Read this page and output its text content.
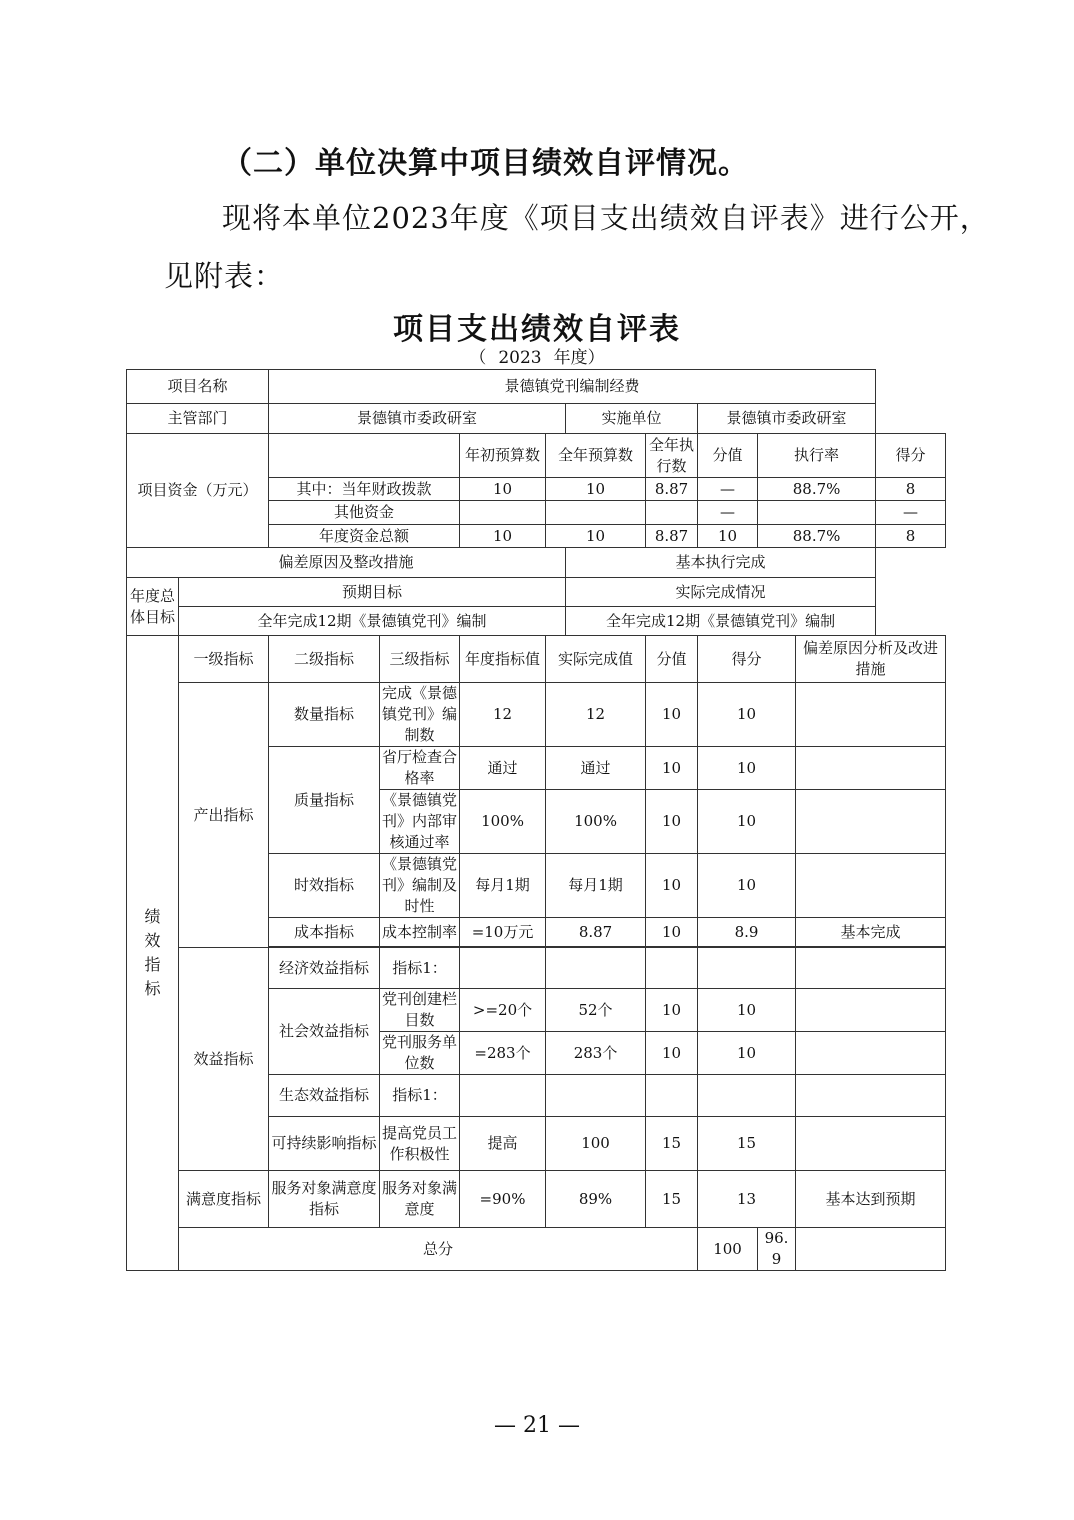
（二）单位决算中项目绩效自评情况。
现将本单位2023年度《项目支出绩效自评表》进行公开，
见附表：
项目支出绩效自评表
（ 2023 年度）
项目名称		景德镇党刊编制经费									
主管部门		景德镇市委政研室				实施单位		景德镇市委政研室			
项目资金（万元）				年初预算数	全年预算数		全年执行数	分值	执行率		得分
		其中：当年财政拨款		10	10		8.87	—	88.7%		8
		其他资金						—			—
		年度资金总额		10	10		8.87	10	88.7%		8
偏差原因及整改措施						基本执行完成					
年度总体目标	预期目标					实际完成情况					
	全年完成12期《景德镇党刊》编制					全年完成12期《景德镇党刊》编制					

绩效指标	一级指标	二级指标	三级指标	年度指标值	实际完成值		分值	得分		偏差原因分析及改进措施	
	产出指标	数量指标	完成《景德镇党刊》编制数	12	12		10	10			
		质量指标	省厅检查合格率	通过	通过		10	10			
			《景德镇党刊》内部审核通过率	100%	100%		10	10			
		时效指标	《景德镇党刊》编制及时性	每月1期	每月1期		10	10			
		成本指标	成本控制率	=10万元	8.87		10	8.9		基本完成	

	效益指标	经济效益指标	指标1：								
		社会效益指标	党刊创建栏目数	>=20个	52个		10	10			
			党刊服务单位数	=283个	283个		10	10			
		生态效益指标	指标1：								
		可持续影响指标	提高党员工作积极性	提高	100		15	15			
	满意度指标	服务对象满意度指标	服务对象满意度	=90%	89%		15	13		基本达到预期	
	总分							100	96.9		
— 21 —
